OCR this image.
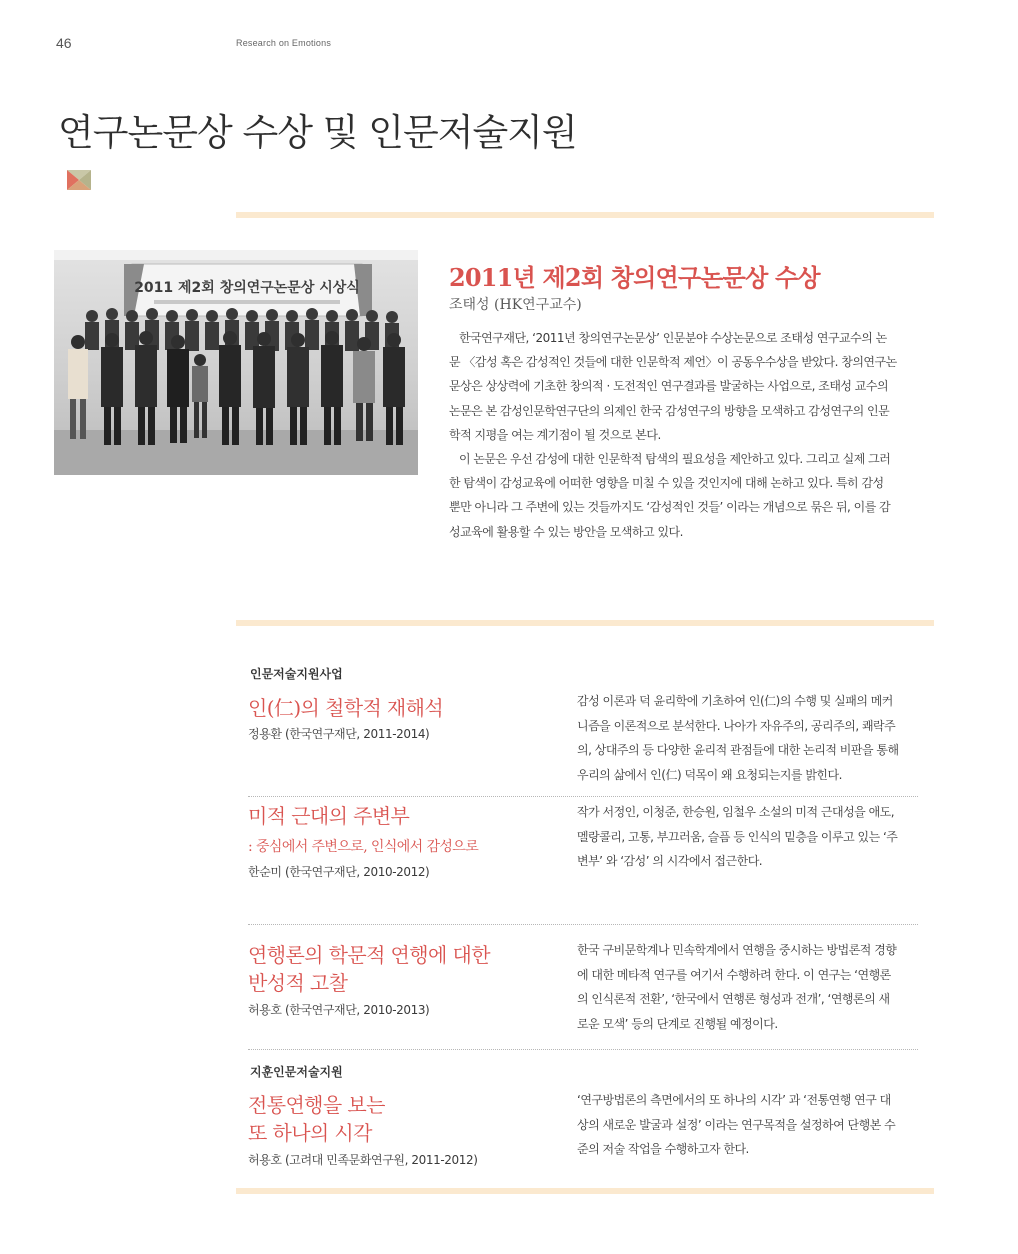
46	Research on Emotions
연구논문상 수상 및 인문저술지원
2011 제2회 창의연구논문상 시상식	2011년 제2회 창의연구논문상 수상
조태성 (HK연구교수)
한국연구재단, ‘2011년 창의연구논문상’ 인문분야 수상논문으로 조태성 연구교수의 논
문 〈감성 혹은 감성적인 것들에 대한 인문학적 제언〉이 공동우수상을 받았다. 창의연구논
문상은 상상력에 기초한 창의적 · 도전적인 연구결과를 발굴하는 사업으로, 조태성 교수의
논문은 본 감성인문학연구단의 의제인 한국 감성연구의 방향을 모색하고 감성연구의 인문
학적 지평을 여는 계기점이 될 것으로 본다.
이 논문은 우선 감성에 대한 인문학적 탐색의 필요성을 제안하고 있다. 그리고 실제 그러
한 탐색이 감성교육에 어떠한 영향을 미칠 수 있을 것인지에 대해 논하고 있다. 특히 감성
뿐만 아니라 그 주변에 있는 것들까지도 ‘감성적인 것들’ 이라는 개념으로 묶은 뒤, 이를 감
성교육에 활용할 수 있는 방안을 모색하고 있다.
인문저술지원사업
인(仁)의 철학적 재해석
정용환 (한국연구재단, 2011-2014)
감성 이론과 덕 윤리학에 기초하여 인(仁)의 수행 및 실패의 메커
니즘을 이론적으로 분석한다. 나아가 자유주의, 공리주의, 쾌락주
의, 상대주의 등 다양한 윤리적 관점들에 대한 논리적 비판을 통해
우리의 삶에서 인(仁) 덕목이 왜 요청되는지를 밝힌다.
미적 근대의 주변부
: 중심에서 주변으로, 인식에서 감성으로
한순미 (한국연구재단, 2010-2012)
작가 서정인, 이청준, 한승원, 임철우 소설의 미적 근대성을 애도,
멜랑콜리, 고통, 부끄러움, 슬픔 등 인식의 밑층을 이루고 있는 ‘주
변부’ 와 ‘감성’ 의 시각에서 접근한다.
연행론의 학문적 연행에 대한
반성적 고찰
허용호 (한국연구재단, 2010-2013)
한국 구비문학계나 민속학계에서 연행을 중시하는 방법론적 경향
에 대한 메타적 연구를 여기서 수행하려 한다. 이 연구는 ‘연행론
의 인식론적 전환’, ‘한국에서 연행론 형성과 전개’, ‘연행론의 새
로운 모색’ 등의 단계로 진행될 예정이다.
지훈인문저술지원
전통연행을 보는
또 하나의 시각
허용호 (고려대 민족문화연구원, 2011-2012)
‘연구방법론의 측면에서의 또 하나의 시각’ 과 ‘전통연행 연구 대
상의 새로운 발굴과 설정’ 이라는 연구목적을 설정하여 단행본 수
준의 저술 작업을 수행하고자 한다.
